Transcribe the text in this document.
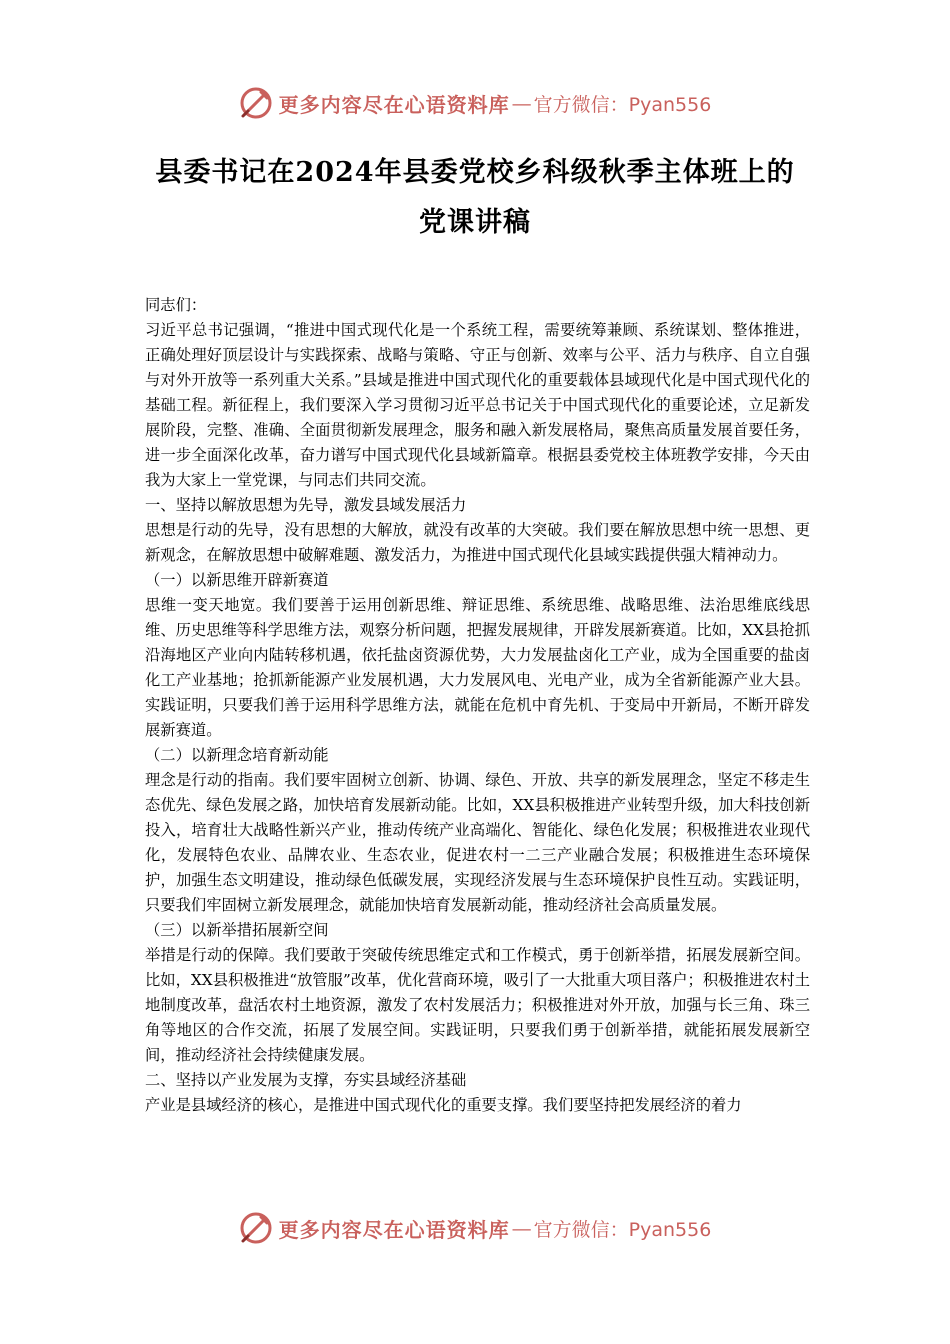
更多内容尽在心语资料库 — 官方微信：Pyan556
县委书记在2024年县委党校乡科级秋季主体班上的
党课讲稿

同志们：

习近平总书记强调，“推进中国式现代化是一个系统工程，需要统筹兼顾、系统谋划、整体推进，正确处理好顶层设计与实践探索、战略与策略、守正与创新、效率与公平、活力与秩序、自立自强与对外开放等一系列重大关系。”县域是推进中国式现代化的重要载体县域现代化是中国式现代化的基础工程。新征程上，我们要深入学习贯彻习近平总书记关于中国式现代化的重要论述，立足新发展阶段，完整、准确、全面贯彻新发展理念，服务和融入新发展格局，聚焦高质量发展首要任务，进一步全面深化改革，奋力谱写中国式现代化县域新篇章。根据县委党校主体班教学安排，今天由我为大家上一堂党课，与同志们共同交流。

一、坚持以解放思想为先导，激发县域发展活力

思想是行动的先导，没有思想的大解放，就没有改革的大突破。我们要在解放思想中统一思想、更新观念，在解放思想中破解难题、激发活力，为推进中国式现代化县域实践提供强大精神动力。

（一）以新思维开辟新赛道

思维一变天地宽。我们要善于运用创新思维、辩证思维、系统思维、战略思维、法治思维底线思维、历史思维等科学思维方法，观察分析问题，把握发展规律，开辟发展新赛道。比如，XX县抢抓沿海地区产业向内陆转移机遇，依托盐卤资源优势，大力发展盐卤化工产业，成为全国重要的盐卤化工产业基地；抢抓新能源产业发展机遇，大力发展风电、光电产业，成为全省新能源产业大县。实践证明，只要我们善于运用科学思维方法，就能在危机中育先机、于变局中开新局，不断开辟发展新赛道。

（二）以新理念培育新动能

理念是行动的指南。我们要牢固树立创新、协调、绿色、开放、共享的新发展理念，坚定不移走生态优先、绿色发展之路，加快培育发展新动能。比如，XX县积极推进产业转型升级，加大科技创新投入，培育壮大战略性新兴产业，推动传统产业高端化、智能化、绿色化发展；积极推进农业现代化，发展特色农业、品牌农业、生态农业，促进农村一二三产业融合发展；积极推进生态环境保护，加强生态文明建设，推动绿色低碳发展，实现经济发展与生态环境保护良性互动。实践证明，只要我们牢固树立新发展理念，就能加快培育发展新动能，推动经济社会高质量发展。

（三）以新举措拓展新空间

举措是行动的保障。我们要敢于突破传统思维定式和工作模式，勇于创新举措，拓展发展新空间。比如，XX县积极推进“放管服”改革，优化营商环境，吸引了一大批重大项目落户；积极推进农村土地制度改革，盘活农村土地资源，激发了农村发展活力；积极推进对外开放，加强与长三角、珠三角等地区的合作交流，拓展了发展空间。实践证明，只要我们勇于创新举措，就能拓展发展新空间，推动经济社会持续健康发展。

二、坚持以产业发展为支撑，夯实县域经济基础

产业是县域经济的核心，是推进中国式现代化的重要支撑。我们要坚持把发展经济的着力

更多内容尽在心语资料库 — 官方微信：Pyan556
